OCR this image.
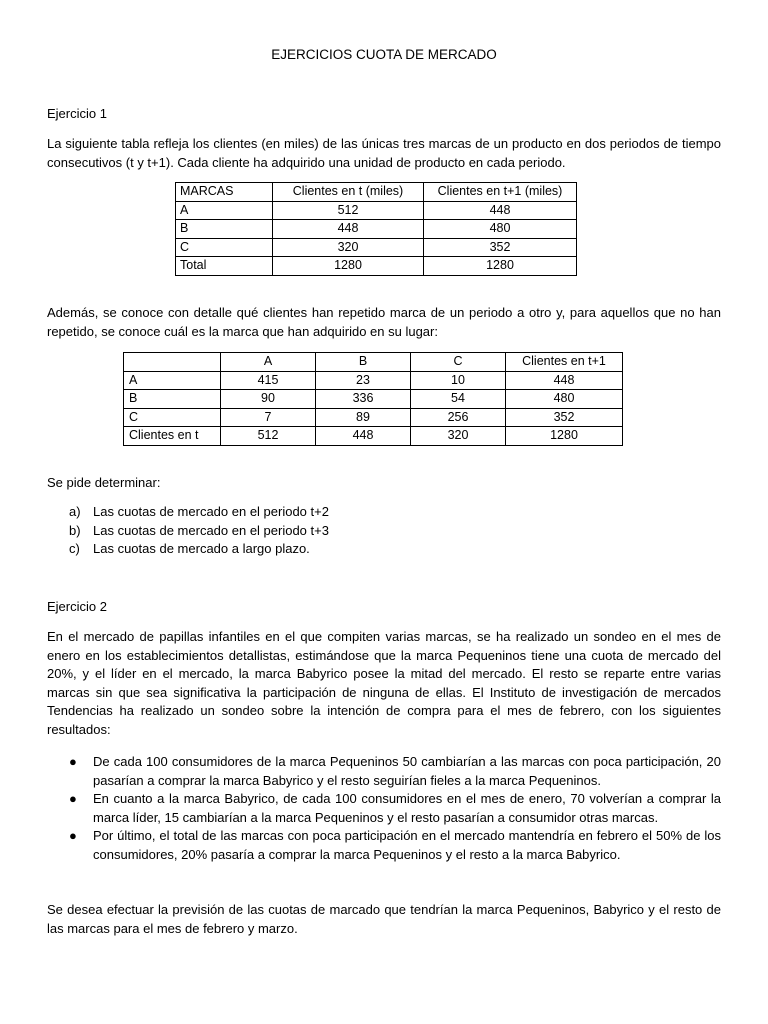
EJERCICIOS CUOTA DE MERCADO
Ejercicio 1
La siguiente tabla refleja los clientes (en miles) de las únicas tres marcas de un producto en dos periodos de tiempo consecutivos (t y t+1). Cada cliente ha adquirido una unidad de producto en cada periodo.
MARCAS	Clientes en t (miles)	Clientes en t+1 (miles)
A	512	448
B	448	480
C	320	352
Total	1280	1280
Además, se conoce con detalle qué clientes han repetido marca de un periodo a otro y, para aquellos que no han repetido, se conoce cuál es la marca que han adquirido en su lugar:
	A	B	C	Clientes en t+1
A	415	23	10	448
B	90	336	54	480
C	7	89	256	352
Clientes en t	512	448	320	1280
Se pide determinar:
a) Las cuotas de mercado en el periodo t+2
b) Las cuotas de mercado en el periodo t+3
c) Las cuotas de mercado a largo plazo.
Ejercicio 2
En el mercado de papillas infantiles en el que compiten varias marcas, se ha realizado un sondeo en el mes de enero en los establecimientos detallistas, estimándose que la marca Pequeninos tiene una cuota de mercado del 20%, y el líder en el mercado, la marca Babyrico posee la mitad del mercado. El resto se reparte entre varias marcas sin que sea significativa la participación de ninguna de ellas. El Instituto de investigación de mercados Tendencias ha realizado un sondeo sobre la intención de compra para el mes de febrero, con los siguientes resultados:
● De cada 100 consumidores de la marca Pequeninos 50 cambiarían a las marcas con poca participación, 20 pasarían a comprar la marca Babyrico y el resto seguirían fieles a la marca Pequeninos.
● En cuanto a la marca Babyrico, de cada 100 consumidores en el mes de enero, 70 volverían a comprar la marca líder, 15 cambiarían a la marca Pequeninos y el resto pasarían a consumidor otras marcas.
● Por último, el total de las marcas con poca participación en el mercado mantendría en febrero el 50% de los consumidores, 20% pasaría a comprar la marca Pequeninos y el resto a la marca Babyrico.
Se desea efectuar la previsión de las cuotas de marcado que tendrían la marca Pequeninos, Babyrico y el resto de las marcas para el mes de febrero y marzo.
